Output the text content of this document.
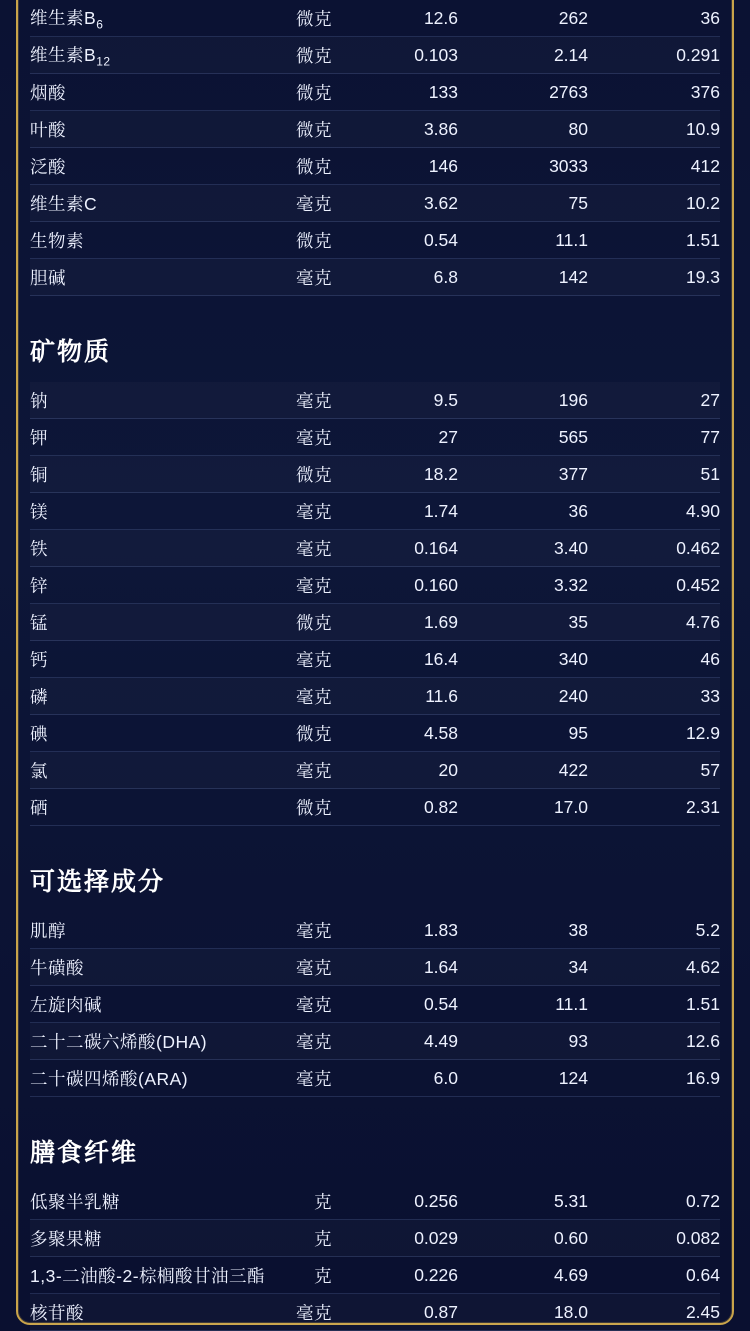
维生素$B_6$	微克	12.6	262	36
维生素$B_{12}$	微克	0.103	2.14	0.291
烟酸	微克	133	2763	376
叶酸	微克	3.86	80	10.9
泛酸	微克	146	3033	412
维生素C	毫克	3.62	75	10.2
生物素	微克	0.54	11.1	1.51
胆碱	毫克	6.8	142	19.3

矿物质				

钠	毫克	9.5	196	27
钾	毫克	27	565	77
铜	微克	18.2	377	51
镁	毫克	1.74	36	4.90
铁	毫克	0.164	3.40	0.462
锌	毫克	0.160	3.32	0.452
锰	微克	1.69	35	4.76
钙	毫克	16.4	340	46
磷	毫克	11.6	240	33
碘	微克	4.58	95	12.9
氯	毫克	20	422	57
硒	微克	0.82	17.0	2.31

可选择成分				

肌醇	毫克	1.83	38	5.2
牛磺酸	毫克	1.64	34	4.62
左旋肉碱	毫克	0.54	11.1	1.51
二十二碳六烯酸(DHA)	毫克	4.49	93	12.6
二十碳四烯酸(ARA)	毫克	6.0	124	16.9

膳食纤维				

低聚半乳糖	克	0.256	5.31	0.72
多聚果糖	克	0.029	0.60	0.082
1,3-二油酸-2-棕榈酸甘油三酯	克	0.226	4.69	0.64
核苷酸	毫克	0.87	18.0	2.45
